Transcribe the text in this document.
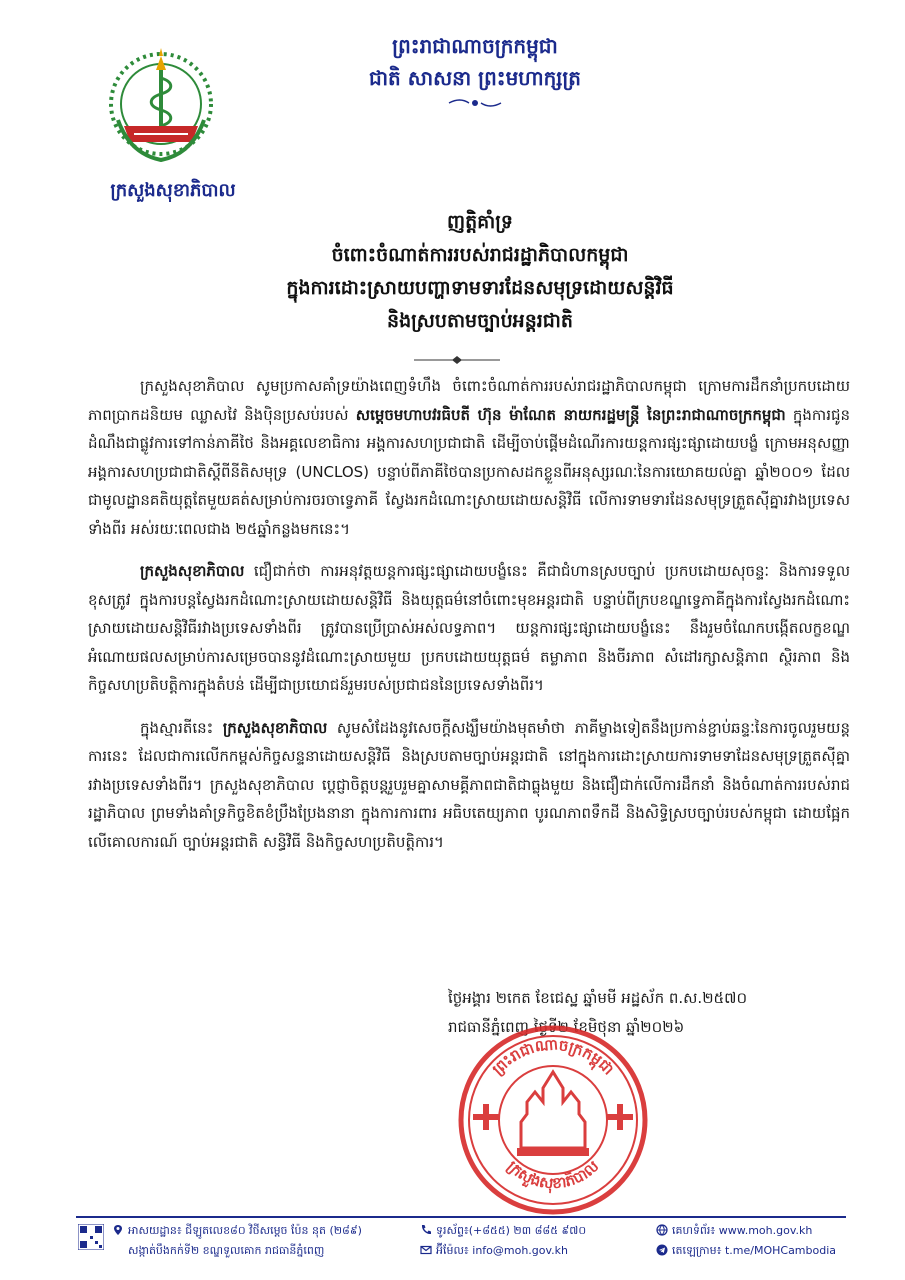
ក្រសួងសុខាភិបាល
ព្រះរាជាណាចក្រកម្ពុជា
ជាតិ សាសនា ព្រះមហាក្សត្រ
ញត្តិគាំទ្រ
ចំពោះចំណាត់ការរបស់រាជរដ្ឋាភិបាលកម្ពុជា
ក្នុងការដោះស្រាយបញ្ហាទាមទារដែនសមុទ្រដោយសន្តិវិធី
និងស្របតាមច្បាប់អន្តរជាតិ

ក្រសួងសុខាភិបាល សូមប្រកាសគាំទ្រយ៉ាងពេញទំហឹង ចំពោះចំណាត់ការរបស់រាជរដ្ឋាភិបាលកម្ពុជា ក្រោមការដឹកនាំប្រកបដោយភាពប្រាកដនិយម ឈ្លាសវៃ និងប៉ិនប្រសប់របស់ សម្តេចមហាបវរធិបតី ហ៊ុន ម៉ាណែត នាយករដ្ឋមន្ត្រី នៃព្រះរាជាណាចក្រកម្ពុជា ក្នុងការជូនដំណឹងជាផ្លូវការទៅកាន់ភាគីថៃ និងអគ្គលេខាធិការ អង្គការសហប្រជាជាតិ ដើម្បីចាប់ផ្តើមដំណើរការយន្តការផ្សះផ្សាដោយបង្ខំ ក្រោមអនុសញ្ញាអង្គការសហប្រជាជាតិស្តីពីនីតិសមុទ្រ (UNCLOS) បន្ទាប់ពីភាគីថៃបានប្រកាសដកខ្លួនពីអនុស្សរណៈនៃការយោគយល់គ្នា ឆ្នាំ២០០១ ដែលជាមូលដ្ឋានគតិយុត្តតែមួយគត់សម្រាប់ការចរចាទ្វេភាគី ស្វែងរកដំណោះស្រាយដោយសន្តិវិធី លើការទាមទារដែនសមុទ្រត្រួតស៊ីគ្នារវាងប្រទេសទាំងពីរ អស់រយៈពេលជាង ២៥ឆ្នាំកន្លងមកនេះ។

ក្រសួងសុខាភិបាល ជឿជាក់ថា ការអនុវត្តយន្តការផ្សះផ្សាដោយបង្ខំនេះ គឺជាជំហានស្របច្បាប់ ប្រកបដោយសុចន្ទៈ និងការទទួលខុសត្រូវ ក្នុងការបន្តស្វែងរកដំណោះស្រាយដោយសន្តិវិធី និងយុត្តធម៌នៅចំពោះមុខអន្តរជាតិ បន្ទាប់ពីក្របខណ្ឌទ្វេភាគីក្នុងការស្វែងរកដំណោះស្រាយដោយសន្តិវិធីរវាងប្រទេសទាំងពីរ ត្រូវបានប្រើប្រាស់អស់លទ្ធភាព។ យន្តការផ្សះផ្សាដោយបង្ខំនេះ នឹងរួមចំណែកបង្កើតលក្ខខណ្ឌអំណោយផលសម្រាប់ការសម្រេចបាននូវដំណោះស្រាយមួយ ប្រកបដោយយុត្តធម៌ តម្លាភាព និងចីរភាព សំដៅរក្សាសន្តិភាព ស្ថិរភាព និងកិច្ចសហប្រតិបត្តិការក្នុងតំបន់ ដើម្បីជាប្រយោជន៍រួមរបស់ប្រជាជននៃប្រទេសទាំងពីរ។

ក្នុងស្មារតីនេះ ក្រសួងសុខាភិបាល សូមសំដែងនូវសេចក្តីសង្ឃឹមយ៉ាងមុតមាំថា ភាគីម្ខាងទៀតនឹងប្រកាន់ខ្ជាប់ឆន្ទៈនៃការចូលរួមយន្តការនេះ ដែលជាការលើកកម្ពស់កិច្ចសន្ទនាដោយសន្តិវិធី និងស្របតាមច្បាប់អន្តរជាតិ នៅក្នុងការដោះស្រាយការទាមទាដែនសមុទ្រត្រួតស៊ីគ្នារវាងប្រទេសទាំងពីរ។ ក្រសួងសុខាភិបាល ប្តេជ្ញាចិត្តបន្តរួបរួមគ្នាសាមគ្គីភាពជាតិជាធ្លុងមួយ និងជឿជាក់លើការដឹកនាំ និងចំណាត់ការរបស់រាជរដ្ឋាភិបាល ព្រមទាំងគាំទ្រកិច្ចខិតខំប្រឹងប្រែងនានា ក្នុងការការពារ អធិបតេយ្យភាព បូរណភាពទឹកដី និងសិទ្ធិស្របច្បាប់របស់កម្ពុជា ដោយផ្អែកលើគោលការណ៍ ច្បាប់អន្តរជាតិ សន្ធិវិធី និងកិច្ចសហប្រតិបត្តិការ។

ថ្ងៃអង្គារ ២កេត ខែជេស្ឋ ឆ្នាំមមី អដ្ឋស័ក ព.ស.២៥៧០
រាជធានីភ្នំពេញ ថ្ងៃទី២ ខែមិថុនា ឆ្នាំ២០២៦
ព្រះរាជាណាចក្រកម្ពុជា
ក្រសួងសុខាភិបាល
អាសយដ្ឋាន៖ ជីឡូតលេខ៨០ វិថីសម្តេច ប៉ែន នុត (២៨៩)
សង្កាត់បឹងកក់ទី២ ខណ្ឌទួលគោក រាជធានីភ្នំពេញ
ទូរស័ព្ទ៖(+៨៥៥) ២៣ ៨៨៥ ៩៧០
អ៊ីម៉ែល៖ info@moh.gov.kh
គេហទំព័រ៖ www.moh.gov.kh
តេឡេក្រាម៖ t.me/MOHCambodia
